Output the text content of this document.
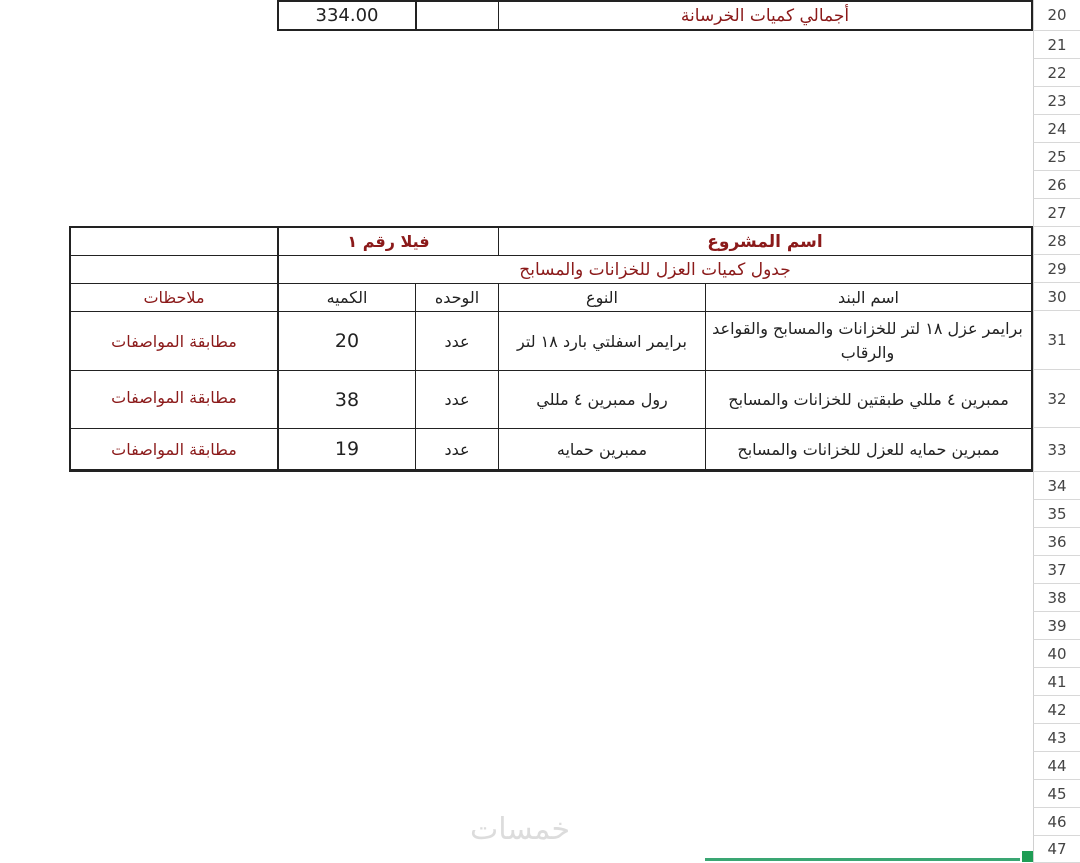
20
21
22
23
24
25
26
27
28
29
30
31
32
33
34
35
36
37
38
39
40
41
42
43
44
45
46
47
334.00	أجمالي كميات الخرسانة
اسم المشروع
فيلا رقم ١
جدول كميات العزل للخزانات والمسابح
اسم البند
النوع
الوحده
الكميه
ملاحظات
برايمر عزل ١٨ لتر للخزانات والمسابح والقواعد والرقاب
برايمر اسفلتي بارد ١٨ لتر
عدد
20
مطابقة المواصفات
ممبرين ٤ مللي طبقتين للخزانات والمسابح
رول ممبرين ٤ مللي
عدد
38
مطابقة المواصفات
ممبرين حمايه للعزل للخزانات والمسابح
ممبرين حمايه
عدد
19
مطابقة المواصفات
خمسات
